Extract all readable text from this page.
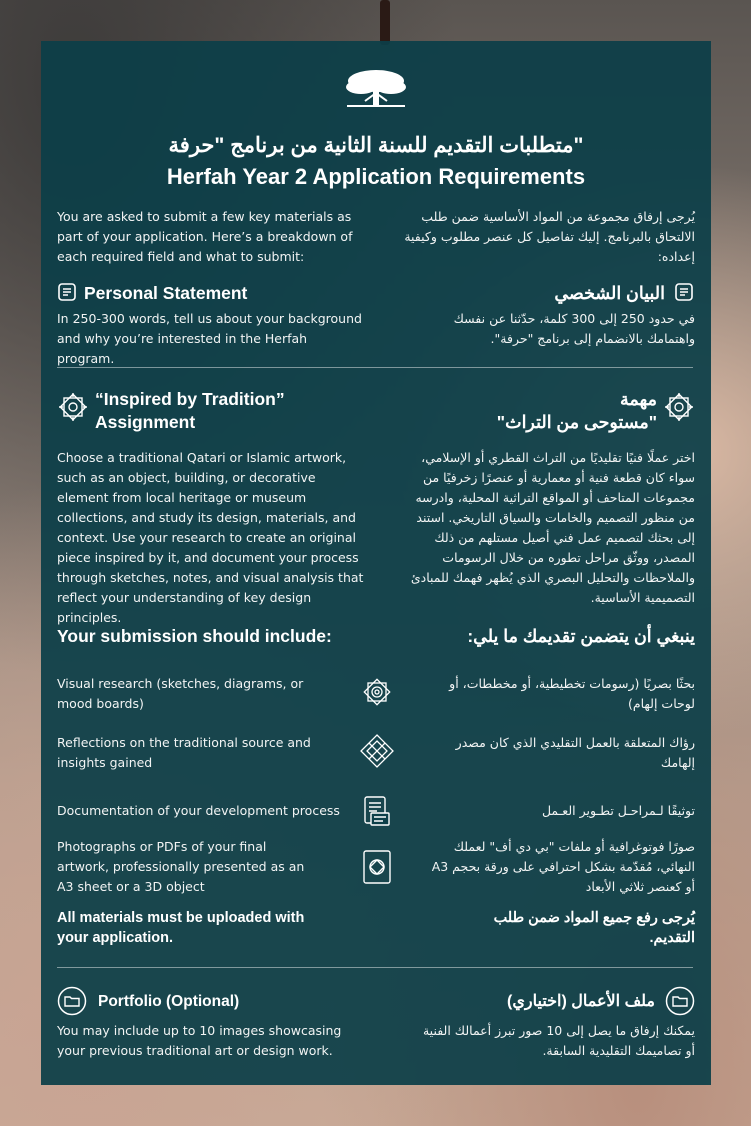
متطلبات التقديم للسنة الثانية من برنامج "حرفة"
Herfah Year 2 Application Requirements
You are asked to submit a few key materials as part of your application. Here’s a breakdown of each required field and what to submit:
يُرجى إرفاق مجموعة من المواد الأساسية ضمن طلب الالتحاق بالبرنامج. إليك تفاصيل كل عنصر مطلوب وكيفية إعداده:
Personal Statement	البيان الشخصي
In 250-300 words, tell us about your background and why you’re interested in the Herfah program.
في حدود 250 إلى 300 كلمة، حدّثنا عن نفسك واهتمامك بالانضمام إلى برنامج "حرفة".
“Inspired by Tradition”
Assignment
مهمة
"مستوحى من التراث"
Choose a traditional Qatari or Islamic artwork, such as an object, building, or decorative element from local heritage or museum collections, and study its design, materials, and context. Use your research to create an original piece inspired by it, and document your process through sketches, notes, and visual analysis that reflect your understanding of key design principles.
اختر عملًا فنيًا تقليديًا من التراث القطري أو الإسلامي، سواء كان قطعة فنية أو معمارية أو عنصرًا زخرفيًا من مجموعات المتاحف أو المواقع التراثية المحلية، وادرسه من منظور التصميم والخامات والسياق التاريخي. استند إلى بحثك لتصميم عمل فني أصيل مستلهم من ذلك المصدر، ووثّق مراحل تطوره من خلال الرسومات والملاحظات والتحليل البصري الذي يُظهر فهمك للمبادئ التصميمية الأساسية.
Your submission should include:	ينبغي أن يتضمن تقديمك ما يلي:
Visual research (sketches, diagrams, or mood boards)
بحثًا بصريًا (رسومات تخطيطية، أو مخططات، أو لوحات إلهام)
Reflections on the traditional source and insights gained
رؤاك المتعلقة بالعمل التقليدي الذي كان مصدر إلهامك
Documentation of your development process	توثيقًا لـمراحـل تطـوير العـمل
Photographs or PDFs of your final artwork, professionally presented as an A3 sheet or a 3D object
صورًا فوتوغرافية أو ملفات "بي دي أف" لعملك النهائي، مُقدّمة بشكل احترافي على ورقة بحجم A3 أو كعنصر ثلاثي الأبعاد
All materials must be uploaded with your application.
يُرجى رفع جميع المواد ضمن طلب التقديم.
Portfolio (Optional)	ملف الأعمال (اختياري)
You may include up to 10 images showcasing your previous traditional art or design work.
يمكنك إرفاق ما يصل إلى 10 صور تبرز أعمالك الفنية أو تصاميمك التقليدية السابقة.
